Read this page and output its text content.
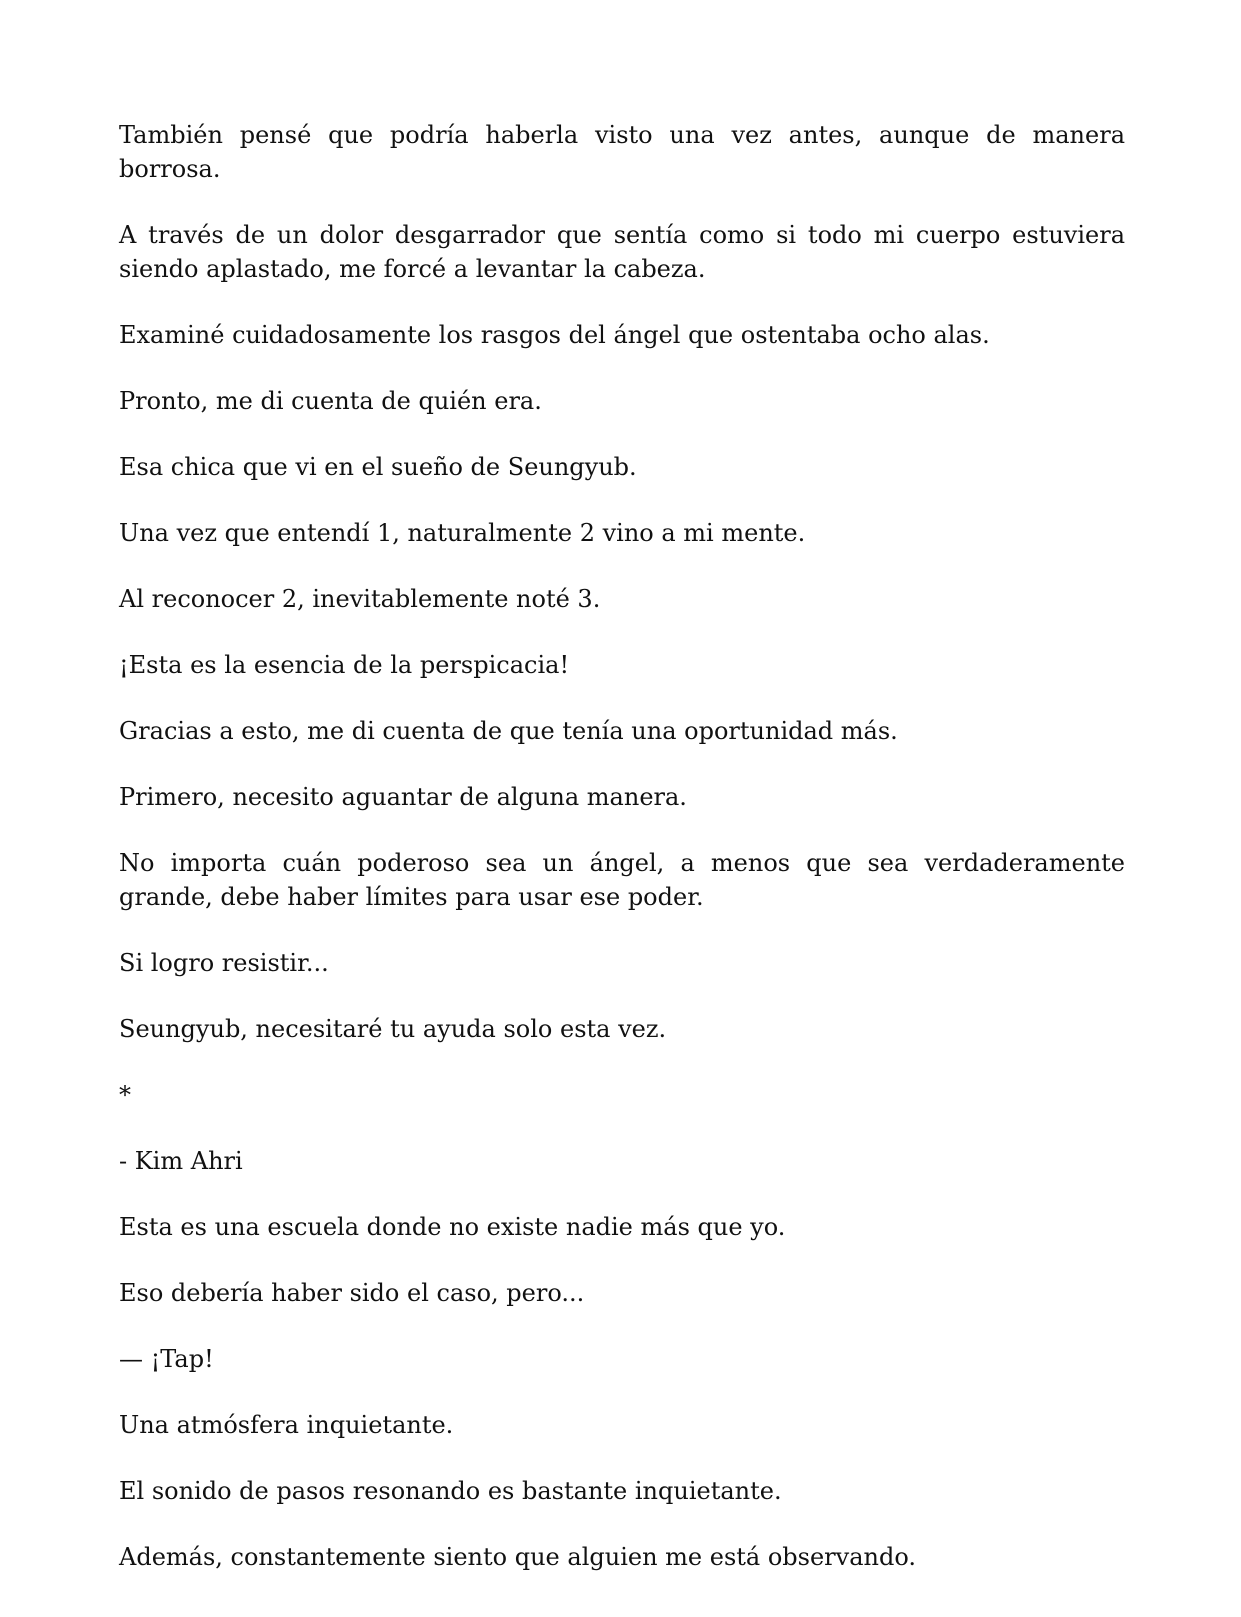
También pensé que podría haberla visto una vez antes, aunque de manera borrosa.

A través de un dolor desgarrador que sentía como si todo mi cuerpo estuviera siendo aplastado, me forcé a levantar la cabeza.

Examiné cuidadosamente los rasgos del ángel que ostentaba ocho alas.

Pronto, me di cuenta de quién era.

Esa chica que vi en el sueño de Seungyub.

Una vez que entendí 1, naturalmente 2 vino a mi mente.

Al reconocer 2, inevitablemente noté 3.

¡Esta es la esencia de la perspicacia!

Gracias a esto, me di cuenta de que tenía una oportunidad más.

Primero, necesito aguantar de alguna manera.

No importa cuán poderoso sea un ángel, a menos que sea verdaderamente grande, debe haber límites para usar ese poder.

Si logro resistir...

Seungyub, necesitaré tu ayuda solo esta vez.

*

- Kim Ahri

Esta es una escuela donde no existe nadie más que yo.

Eso debería haber sido el caso, pero...

— ¡Tap!

Una atmósfera inquietante.

El sonido de pasos resonando es bastante inquietante.

Además, constantemente siento que alguien me está observando.
